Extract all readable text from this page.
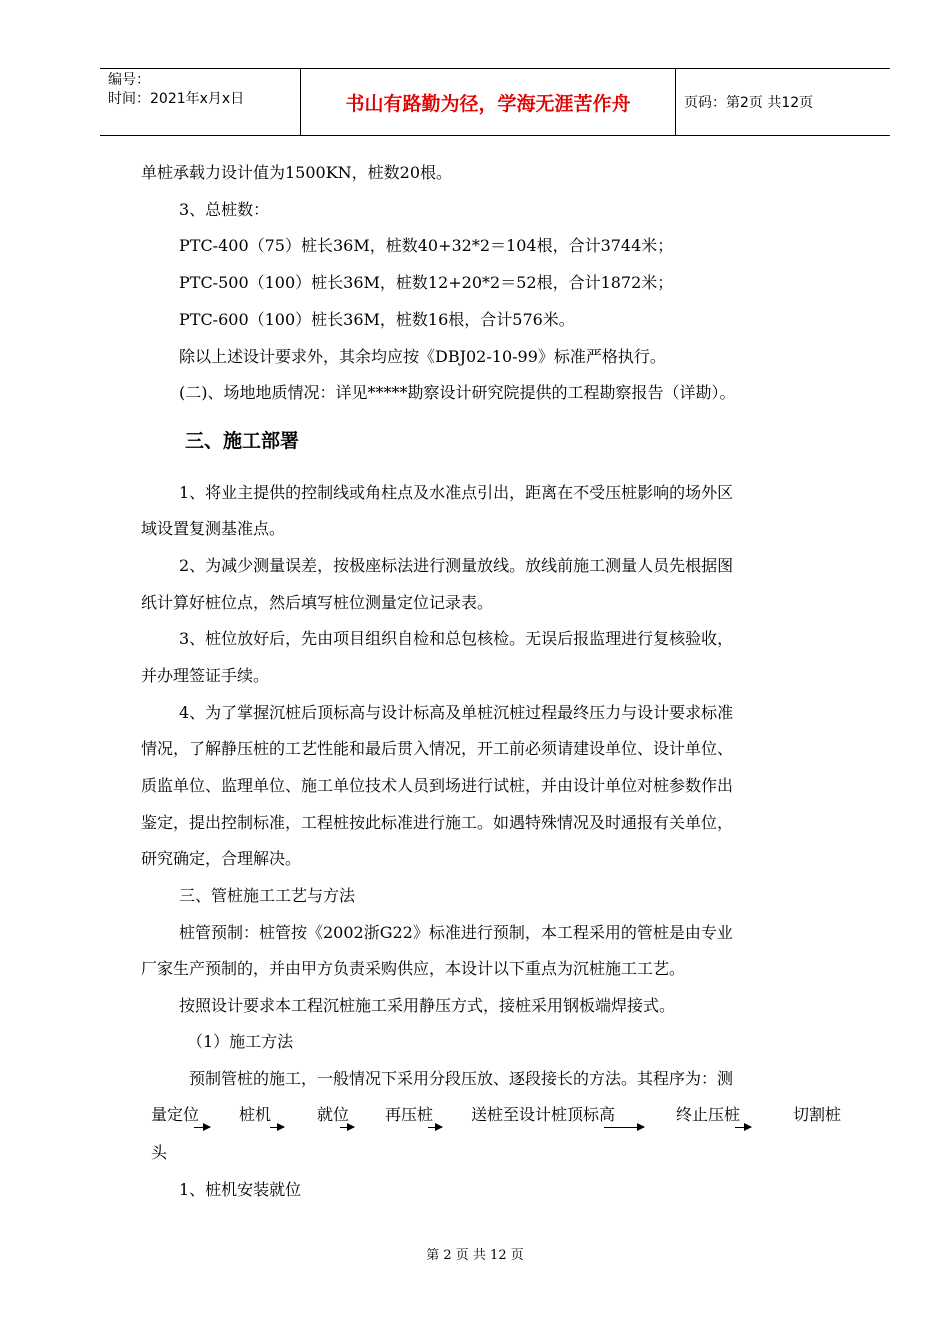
编号：
时间：2021年x月x日	书山有路勤为径，学海无涯苦作舟	页码：第2页 共12页
单桩承载力设计值为1500KN，桩数20根。
3、总桩数：
PTC-400（75）桩长36M，桩数40+32*2＝104根，合计3744米；
PTC-500（100）桩长36M，桩数12+20*2＝52根，合计1872米；
PTC-600（100）桩长36M，桩数16根，合计576米。
除以上述设计要求外，其余均应按《DBJ02-10-99》标准严格执行。
(二)、场地地质情况：详见*****勘察设计研究院提供的工程勘察报告（详勘）。
三、施工部署
1、将业主提供的控制线或角柱点及水准点引出，距离在不受压桩影响的场外区
域设置复测基准点。
2、为减少测量误差，按极座标法进行测量放线。放线前施工测量人员先根据图
纸计算好桩位点，然后填写桩位测量定位记录表。
3、桩位放好后，先由项目组织自检和总包核检。无误后报监理进行复核验收，
并办理签证手续。
4、为了掌握沉桩后顶标高与设计标高及单桩沉桩过程最终压力与设计要求标准
情况，了解静压桩的工艺性能和最后贯入情况，开工前必须请建设单位、设计单位、
质监单位、监理单位、施工单位技术人员到场进行试桩，并由设计单位对桩参数作出
鉴定，提出控制标准，工程桩按此标准进行施工。如遇特殊情况及时通报有关单位，
研究确定，合理解决。
三、管桩施工工艺与方法
桩管预制：桩管按《2002浙G22》标准进行预制，本工程采用的管桩是由专业
厂家生产预制的，并由甲方负责采购供应，本设计以下重点为沉桩施工工艺。
按照设计要求本工程沉桩施工采用静压方式，接桩采用钢板端焊接式。
（1）施工方法
预制管桩的施工，一般情况下采用分段压放、逐段接长的方法。其程序为：测
量定位 桩机	就位 再压桩 送桩至设计桩顶标高	终止压桩	切割桩
头
1、桩机安装就位
第 2 页 共 12 页
